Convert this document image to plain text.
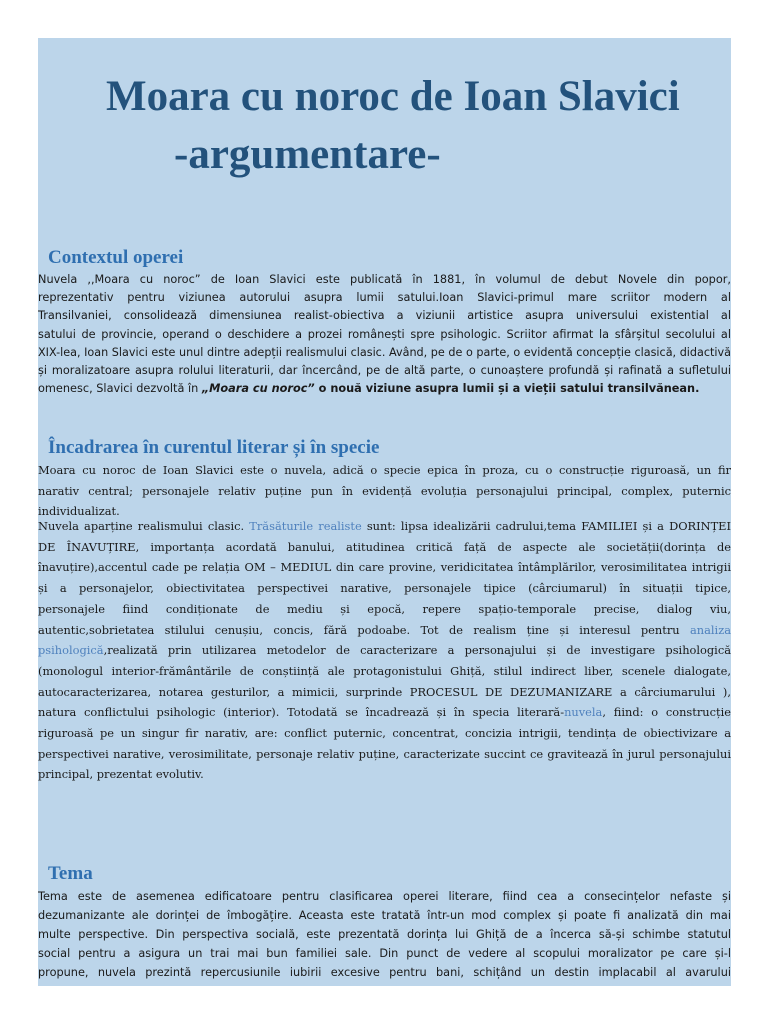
Moara cu noroc de Ioan Slavici
-argumentare-
Contextul operei
Nuvela ,,Moara cu noroc” de Ioan Slavici este publicată în 1881, în volumul de debut Novele din popor,
reprezentativ pentru viziunea autorului asupra lumii satului.Ioan Slavici-primul mare scriitor modern al
Transilvaniei, consolidează dimensiunea realist-obiectiva a viziunii artistice asupra universului existential al
satului de provincie, operand o deschidere a prozei românești spre psihologic. Scriitor afirmat la sfârșitul secolului al
XIX-lea, Ioan Slavici este unul dintre adepții realismului clasic. Având, pe de o parte, o evidentă concepție clasică, didactivă
și moralizatoare asupra rolului literaturii, dar încercând, pe de altă parte, o cunoaștere profundă și rafinată a sufletului
omenesc, Slavici dezvoltă în „Moara cu noroc” o nouă viziune asupra lumii și a vieții satului transilvănean.
Încadrarea în curentul literar și în specie
Moara cu noroc de Ioan Slavici este o nuvela, adică o specie epica în proza, cu o construcție riguroasă, un fir
narativ central; personajele relativ puține pun în evidență evoluția personajului principal, complex, puternic
individualizat.
Nuvela aparține realismului clasic. Trăsăturile realiste sunt: lipsa idealizării cadrului,tema FAMILIEI și a DORINȚEI
DE ÎNAVUȚIRE, importanța acordată banului, atitudinea critică față de aspecte ale societății(dorința de
înavuțire),accentul cade pe relația OM – MEDIUL din care provine, veridicitatea întâmplărilor, verosimilitatea intrigii
și a personajelor, obiectivitatea perspectivei narative, personajele tipice (cârciumarul) în situații tipice,
personajele fiind condiționate de mediu și epocă, repere spațio-temporale precise, dialog viu,
autentic,sobrietatea stilului cenușiu, concis, fără podoabe. Tot de realism ține și interesul pentru analiza
psihologică,realizată prin utilizarea metodelor de caracterizare a personajului și de investigare psihologică
(monologul interior-frământările de conștiință ale protagonistului Ghiță, stilul indirect liber, scenele dialogate,
autocaracterizarea, notarea gesturilor, a mimicii, surprinde PROCESUL DE DEZUMANIZARE a cârciumarului ),
natura conflictului psihologic (interior). Totodată se încadrează și în specia literară-nuvela, fiind: o construcție
riguroasă pe un singur fir narativ, are: conflict puternic, concentrat, concizia intrigii, tendința de obiectivizare a
perspectivei narative, verosimilitate, personaje relativ puține, caracterizate succint ce gravitează în jurul personajului
principal, prezentat evolutiv.
Tema
Tema este de asemenea edificatoare pentru clasificarea operei literare, fiind cea a consecințelor nefaste și
dezumanizante ale dorinței de îmbogățire. Aceasta este tratată într-un mod complex și poate fi analizată din mai
multe perspective. Din perspectiva socială, este prezentată dorința lui Ghiță de a încerca să-și schimbe statutul
social pentru a asigura un trai mai bun familiei sale. Din punct de vedere al scopului moralizator pe care și-l
propune, nuvela prezintă repercusiunile iubirii excesive pentru bani, schițând un destin implacabil al avarului
